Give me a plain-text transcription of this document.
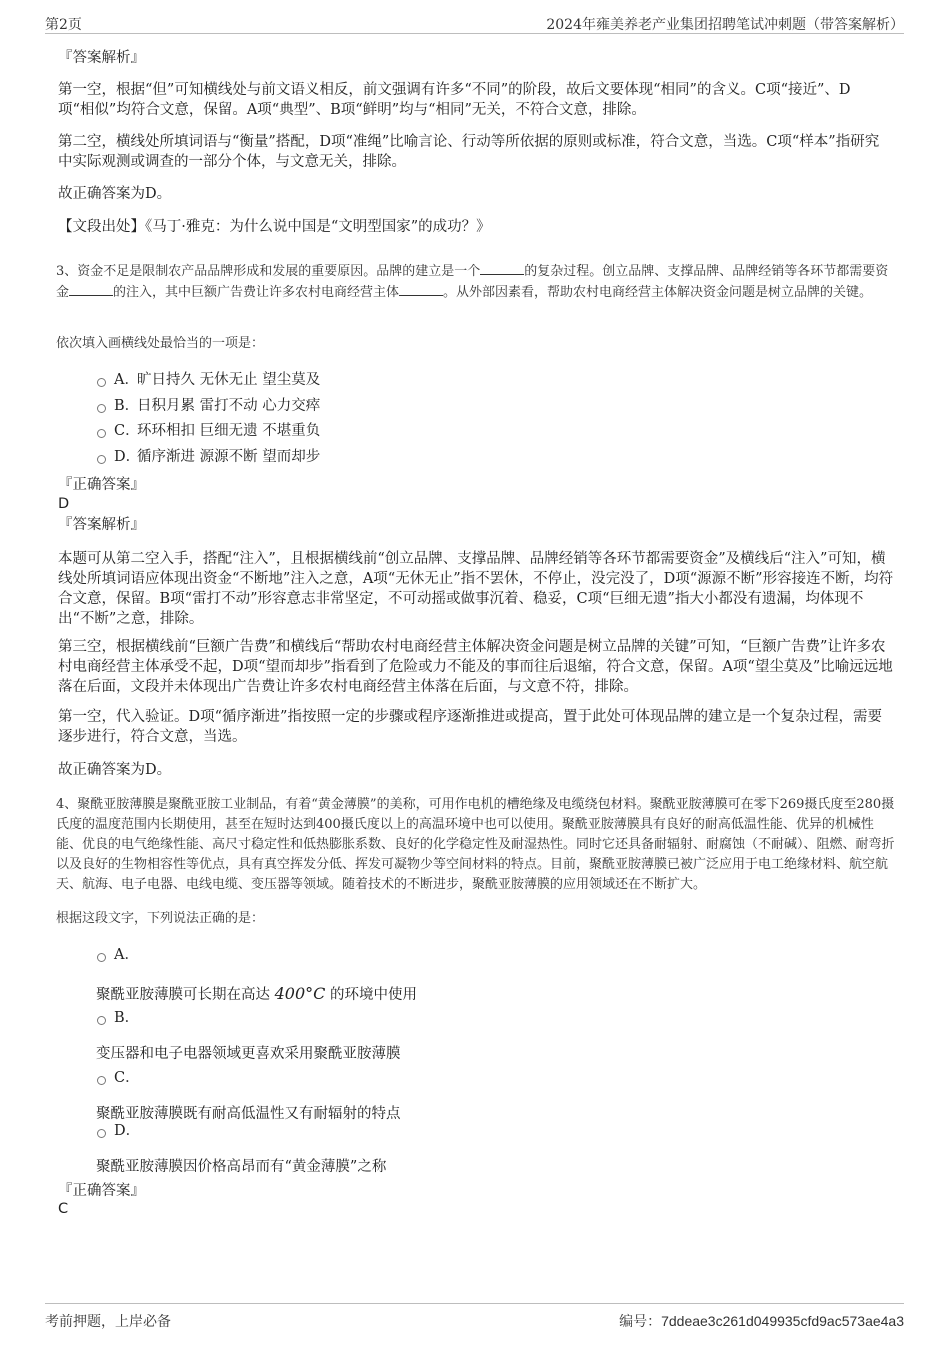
第2页	2024年雍美养老产业集团招聘笔试冲刺题（带答案解析）
『答案解析』
第一空，根据“但”可知横线处与前文语义相反，前文强调有许多“不同”的阶段，故后文要体现“相同”的含义。C项“接近”、D项“相似”均符合文意，保留。A项“典型”、B项“鲜明”均与“相同”无关，不符合文意，排除。
第二空，横线处所填词语与“衡量”搭配，D项“准绳”比喻言论、行动等所依据的原则或标准，符合文意，当选。C项“样本”指研究中实际观测或调查的一部分个体，与文意无关，排除。
故正确答案为D。
【文段出处】《马丁·雅克：为什么说中国是“文明型国家”的成功？》
3、资金不足是限制农产品品牌形成和发展的重要原因。品牌的建立是一个	的复杂过程。创立品牌、支撑品牌、品牌经销等各环节都需要资金	的注入，其中巨额广告费让许多农村电商经营主体	。从外部因素看，帮助农村电商经营主体解决资金问题是树立品牌的关键。
依次填入画横线处最恰当的一项是：
A．
旷日持久 无休无止 望尘莫及
B．
日积月累 雷打不动 心力交瘁
C．
环环相扣 巨细无遗 不堪重负
D．
循序渐进 源源不断 望而却步
『正确答案』
D
『答案解析』
本题可从第二空入手，搭配“注入”，且根据横线前“创立品牌、支撑品牌、品牌经销等各环节都需要资金”及横线后“注入”可知，横线处所填词语应体现出资金“不断地”注入之意，A项“无休无止”指不罢休，不停止，没完没了，D项“源源不断”形容接连不断，均符合文意，保留。B项“雷打不动”形容意志非常坚定，不可动摇或做事沉着、稳妥，C项“巨细无遗”指大小都没有遗漏，均体现不出“不断”之意，排除。
第三空，根据横线前“巨额广告费”和横线后“帮助农村电商经营主体解决资金问题是树立品牌的关键”可知，“巨额广告费”让许多农村电商经营主体承受不起，D项“望而却步”指看到了危险或力不能及的事而往后退缩，符合文意，保留。A项“望尘莫及”比喻远远地落在后面，文段并未体现出广告费让许多农村电商经营主体落在后面，与文意不符，排除。
第一空，代入验证。D项“循序渐进”指按照一定的步骤或程序逐渐推进或提高，置于此处可体现品牌的建立是一个复杂过程，需要逐步进行，符合文意，当选。
故正确答案为D。
4、聚酰亚胺薄膜是聚酰亚胺工业制品，有着“黄金薄膜”的美称，可用作电机的槽绝缘及电缆绕包材料。聚酰亚胺薄膜可在零下269摄氏度至280摄氏度的温度范围内长期使用，甚至在短时达到400摄氏度以上的高温环境中也可以使用。聚酰亚胺薄膜具有良好的耐高低温性能、优异的机械性能、优良的电气绝缘性能、高尺寸稳定性和低热膨胀系数、良好的化学稳定性及耐湿热性。同时它还具备耐辐射、耐腐蚀（不耐碱）、阻燃、耐弯折以及良好的生物相容性等优点，具有真空挥发分低、挥发可凝物少等空间材料的特点。目前，聚酰亚胺薄膜已被广泛应用于电工绝缘材料、航空航天、航海、电子电器、电线电缆、变压器等领域。随着技术的不断进步，聚酰亚胺薄膜的应用领域还在不断扩大。
根据这段文字，下列说法正确的是：
A．
聚酰亚胺薄膜可长期在高达 400°C 的环境中使用
B．
变压器和电子电器领域更喜欢采用聚酰亚胺薄膜
C．
聚酰亚胺薄膜既有耐高低温性又有耐辐射的特点
D．
聚酰亚胺薄膜因价格高昂而有“黄金薄膜”之称
『正确答案』
C
考前押题，上岸必备	编号：7ddeae3c261d049935cfd9ac573ae4a3
